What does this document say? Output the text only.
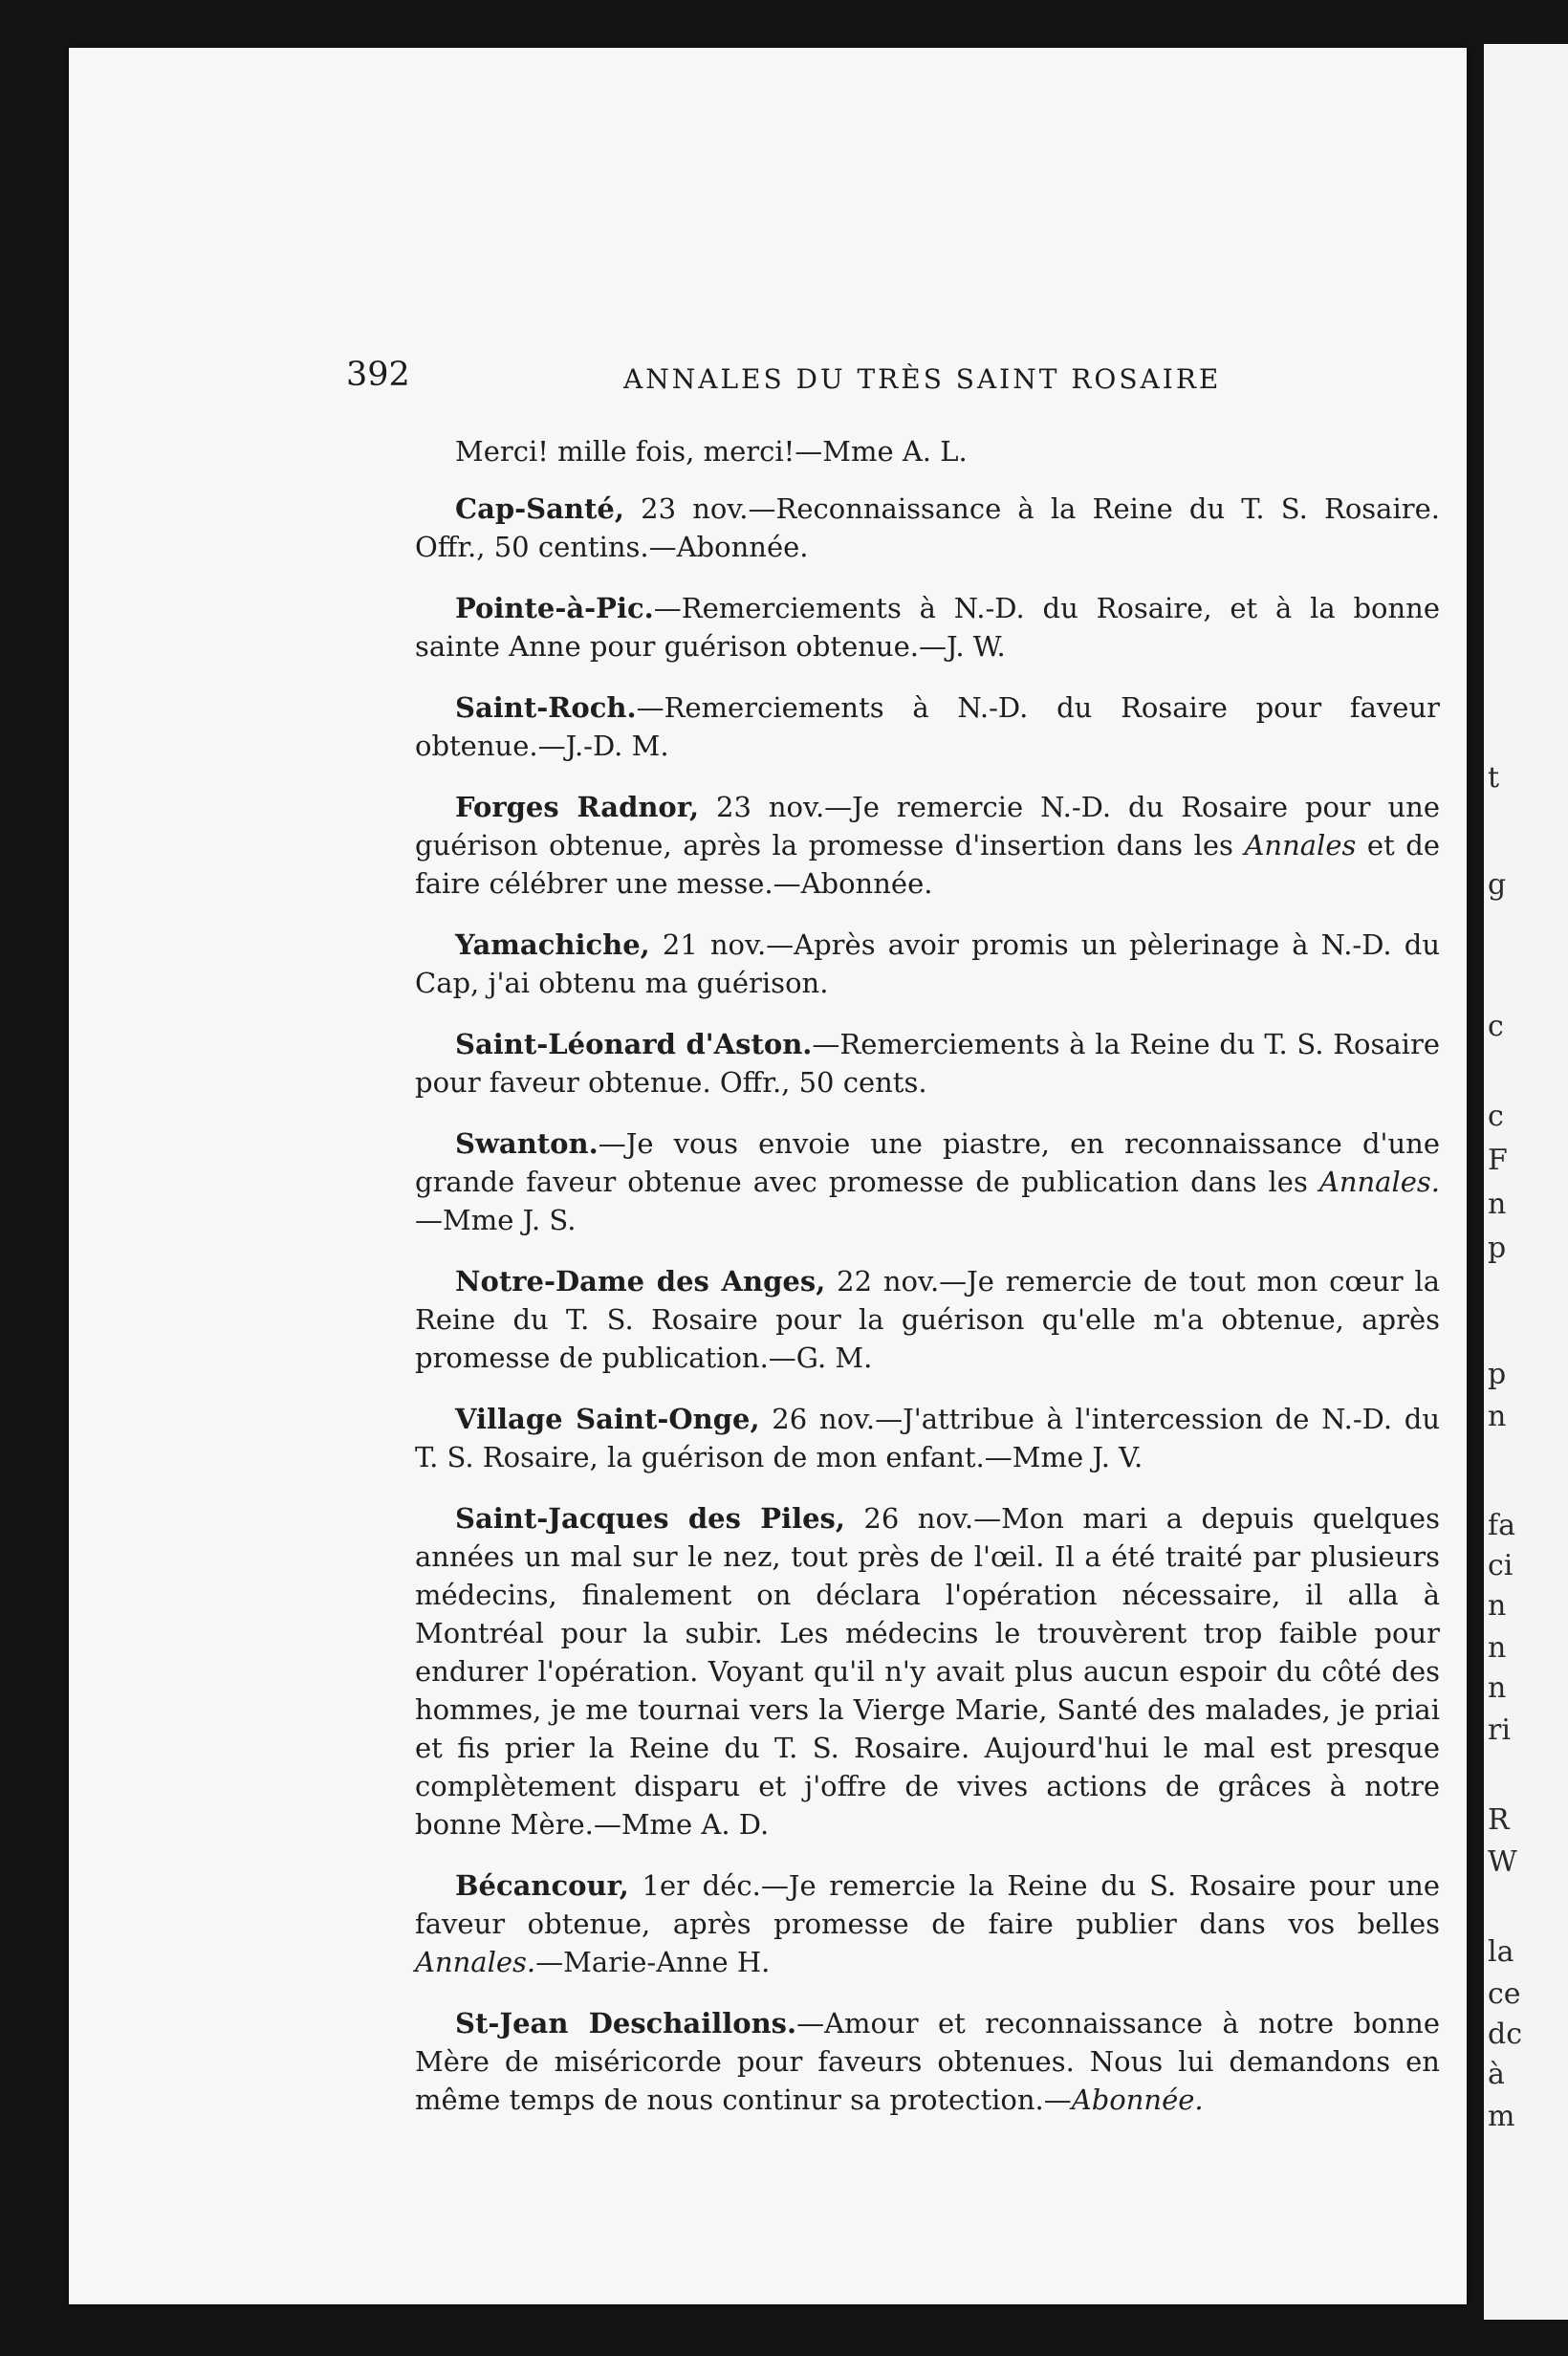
392	ANNALES DU TRÈS SAINT ROSAIRE

Merci! mille fois, merci!—Mme A. L.

Cap-Santé, 23 nov.—Reconnaissance à la Reine du T. S. Rosaire. Offr., 50 centins.—Abonnée.

Pointe-à-Pic.—Remerciements à N.-D. du Rosaire, et à la bonne sainte Anne pour guérison obtenue.—J. W.

Saint-Roch.—Remerciements à N.-D. du Rosaire pour faveur obtenue.—J.-D. M.

Forges Radnor, 23 nov.—Je remercie N.-D. du Rosaire pour une guérison obtenue, après la promesse d'insertion dans les Annales et de faire célébrer une messe.—Abonnée.

Yamachiche, 21 nov.—Après avoir promis un pèlerinage à N.-D. du Cap, j'ai obtenu ma guérison.

Saint-Léonard d'Aston.—Remerciements à la Reine du T. S. Rosaire pour faveur obtenue. Offr., 50 cents.

Swanton.—Je vous envoie une piastre, en reconnaissance d'une grande faveur obtenue avec promesse de publication dans les Annales.—Mme J. S.

Notre-Dame des Anges, 22 nov.—Je remercie de tout mon cœur la Reine du T. S. Rosaire pour la guérison qu'elle m'a obtenue, après promesse de publication.—G. M.

Village Saint-Onge, 26 nov.—J'attribue à l'intercession de N.-D. du T. S. Rosaire, la guérison de mon enfant.—Mme J. V.

Saint-Jacques des Piles, 26 nov.—Mon mari a depuis quelques années un mal sur le nez, tout près de l'œil. Il a été traité par plusieurs médecins, finalement on déclara l'opération nécessaire, il alla à Montréal pour la subir. Les médecins le trouvèrent trop faible pour endurer l'opération. Voyant qu'il n'y avait plus aucun espoir du côté des hommes, je me tournai vers la Vierge Marie, Santé des malades, je priai et fis prier la Reine du T. S. Rosaire. Aujourd'hui le mal est presque complètement disparu et j'offre de vives actions de grâces à notre bonne Mère.—Mme A. D.

Bécancour, 1er déc.—Je remercie la Reine du S. Rosaire pour une faveur obtenue, après promesse de faire publier dans vos belles Annales.—Marie-Anne H.

St-Jean Deschaillons.—Amour et reconnaissance à notre bonne Mère de miséricorde pour faveurs obtenues. Nous lui demandons en même temps de nous continur sa protection.—Abonnée.

t
g
c
c
F
n
p
p
n
fa
ci
n
n
n
ri
R
W
la
ce
dc
à
m
